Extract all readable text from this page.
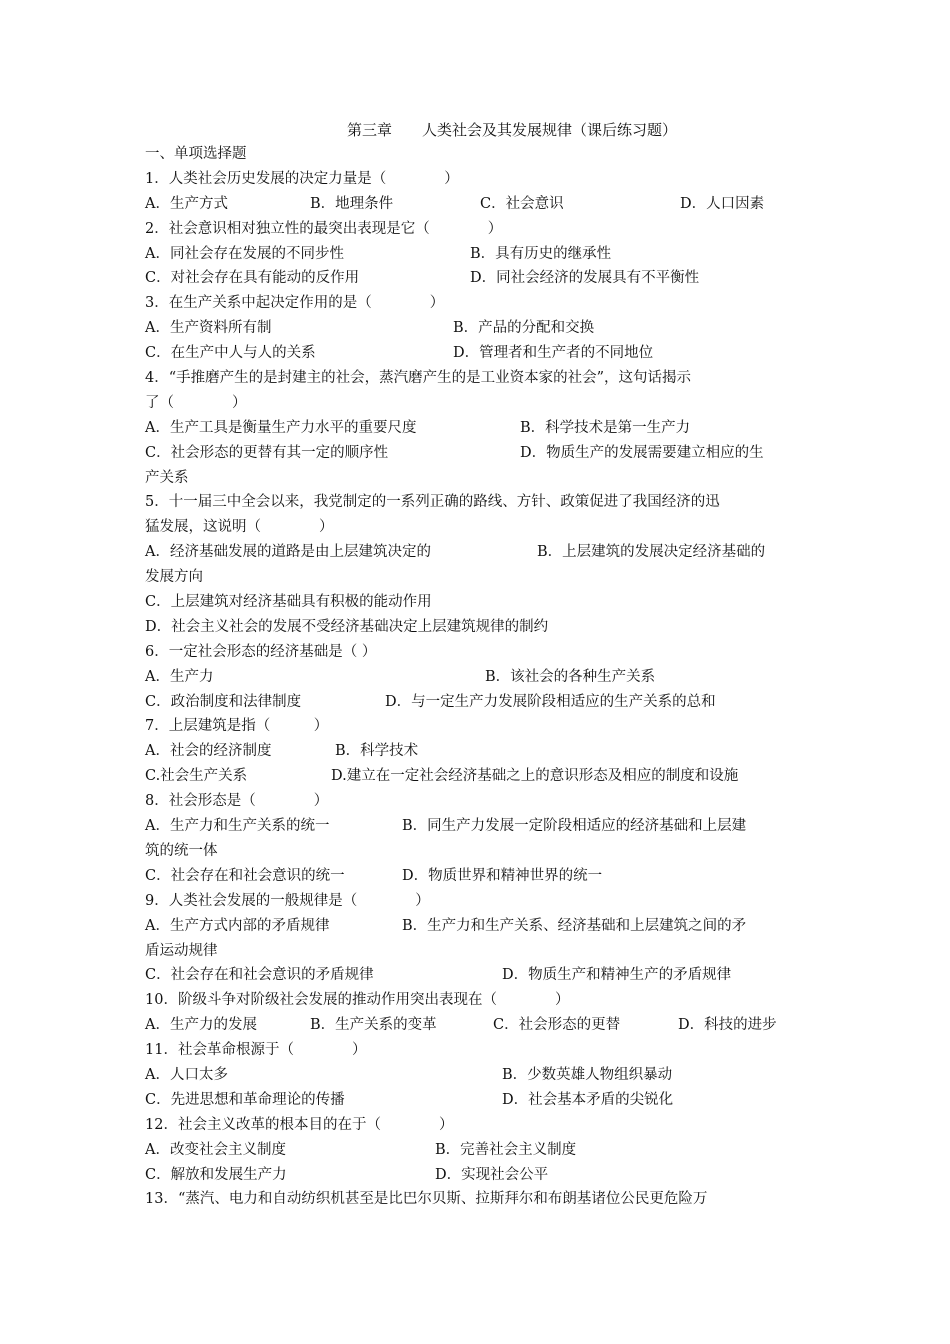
第三章　　人类社会及其发展规律（课后练习题）
一、单项选择题
1．人类社会历史发展的决定力量是（　　　　）
A．生产方式	B．地理条件	C．社会意识	D．人口因素
2．社会意识相对独立性的最突出表现是它（　　　　）
A．同社会存在发展的不同步性	B．具有历史的继承性
C．对社会存在具有能动的反作用	D．同社会经济的发展具有不平衡性
3．在生产关系中起决定作用的是（　　　　）
A．生产资料所有制	B．产品的分配和交换
C．在生产中人与人的关系	D．管理者和生产者的不同地位
4．“手推磨产生的是封建主的社会，蒸汽磨产生的是工业资本家的社会”，这句话揭示
了（　　　　）
A．生产工具是衡量生产力水平的重要尺度	B．科学技术是第一生产力
C．社会形态的更替有其一定的顺序性	D．物质生产的发展需要建立相应的生
产关系
5．十一届三中全会以来，我党制定的一系列正确的路线、方针、政策促进了我国经济的迅
猛发展，这说明（　　　　）
A．经济基础发展的道路是由上层建筑决定的	B．上层建筑的发展决定经济基础的
发展方向
C．上层建筑对经济基础具有积极的能动作用
D．社会主义社会的发展不受经济基础决定上层建筑规律的制约
6．一定社会形态的经济基础是（ ）
A．生产力	B．该社会的各种生产关系
C．政治制度和法律制度	D．与一定生产力发展阶段相适应的生产关系的总和
7．上层建筑是指（　　　）
A．社会的经济制度	B．科学技术
C.社会生产关系	D.建立在一定社会经济基础之上的意识形态及相应的制度和设施
8．社会形态是（　　　　）
A．生产力和生产关系的统一	B．同生产力发展一定阶段相适应的经济基础和上层建
筑的统一体
C．社会存在和社会意识的统一	D．物质世界和精神世界的统一
9．人类社会发展的一般规律是（　　　　）
A．生产方式内部的矛盾规律	B．生产力和生产关系、经济基础和上层建筑之间的矛
盾运动规律
C．社会存在和社会意识的矛盾规律	D．物质生产和精神生产的矛盾规律
10．阶级斗争对阶级社会发展的推动作用突出表现在（　　　　）
A．生产力的发展	B．生产关系的变革	C．社会形态的更替	D．科技的进步
11．社会革命根源于（　　　　）
A．人口太多	B．少数英雄人物组织暴动
C．先进思想和革命理论的传播	D．社会基本矛盾的尖锐化
12．社会主义改革的根本目的在于（　　　　）
A．改变社会主义制度	B．完善社会主义制度
C．解放和发展生产力	D．实现社会公平
13．“蒸汽、电力和自动纺织机甚至是比巴尔贝斯、拉斯拜尔和布朗基诸位公民更危险万
